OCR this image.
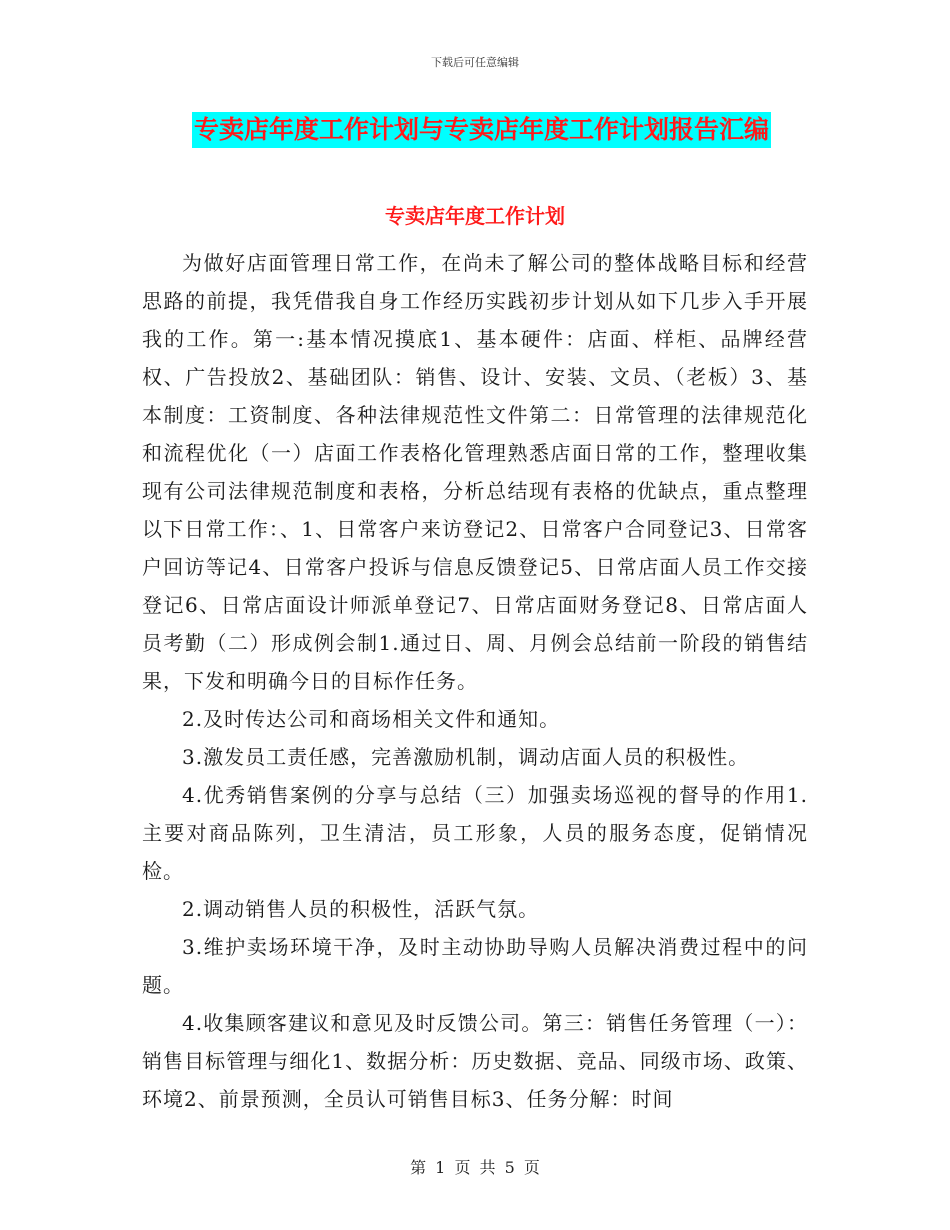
下载后可任意编辑
专卖店年度工作计划与专卖店年度工作计划报告汇编
专卖店年度工作计划

为做好店面管理日常工作，在尚未了解公司的整体战略目标和经营思路的前提，我凭借我自身工作经历实践初步计划从如下几步入手开展我的工作。第一:基本情况摸底1、基本硬件：店面、样柜、品牌经营权、广告投放2、基础团队：销售、设计、安装、文员、（老板）3、基本制度：工资制度、各种法律规范性文件第二：日常管理的法律规范化和流程优化（一）店面工作表格化管理熟悉店面日常的工作，整理收集现有公司法律规范制度和表格，分析总结现有表格的优缺点，重点整理以下日常工作：、1、日常客户来访登记2、日常客户合同登记3、日常客户回访等记4、日常客户投诉与信息反馈登记5、日常店面人员工作交接登记6、日常店面设计师派单登记7、日常店面财务登记8、日常店面人员考勤（二）形成例会制1.通过日、周、月例会总结前一阶段的销售结果，下发和明确今日的目标作任务。

2.及时传达公司和商场相关文件和通知。

3.激发员工责任感，完善激励机制，调动店面人员的积极性。

4.优秀销售案例的分享与总结（三）加强卖场巡视的督导的作用1.主要对商品陈列，卫生清洁，员工形象，人员的服务态度，促销情况检。

2.调动销售人员的积极性，活跃气氛。

3.维护卖场环境干净，及时主动协助导购人员解决消费过程中的问题。

4.收集顾客建议和意见及时反馈公司。第三：销售任务管理（一）：销售目标管理与细化1、数据分析：历史数据、竞品、同级市场、政策、环境2、前景预测，全员认可销售目标3、任务分解：时间

第 1 页 共 5 页
